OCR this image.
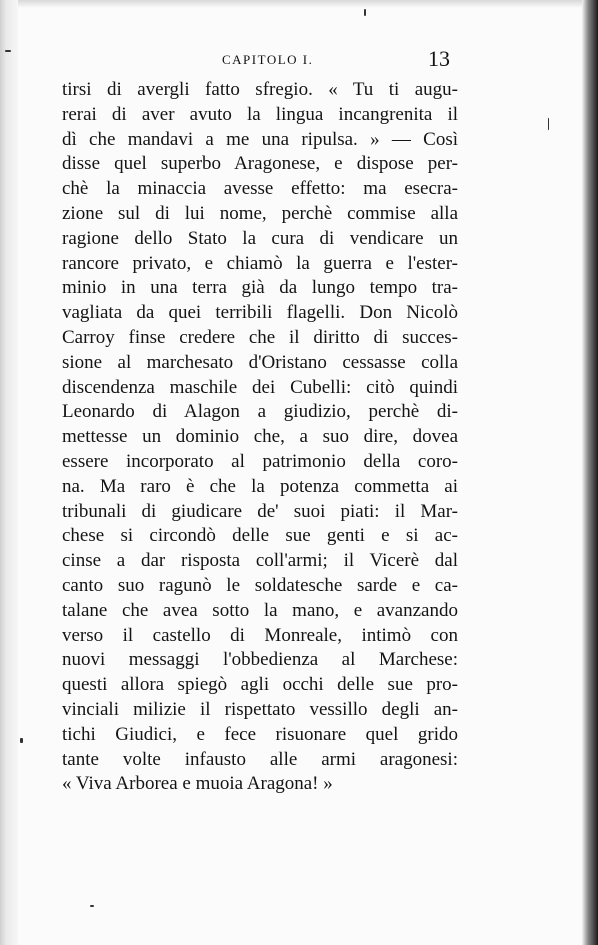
CAPITOLO I.	13
tirsi di avergli fatto sfregio. « Tu ti augu-
rerai di aver avuto la lingua incangrenita il
dì che mandavi a me una ripulsa. » — Così
disse quel superbo Aragonese, e dispose per-
chè la minaccia avesse effetto: ma esecra-
zione sul di lui nome, perchè commise alla
ragione dello Stato la cura di vendicare un
rancore privato, e chiamò la guerra e l'ester-
minio in una terra già da lungo tempo tra-
vagliata da quei terribili flagelli. Don Nicolò
Carroy finse credere che il diritto di succes-
sione al marchesato d'Oristano cessasse colla
discendenza maschile dei Cubelli: citò quindi
Leonardo di Alagon a giudizio, perchè di-
mettesse un dominio che, a suo dire, dovea
essere incorporato al patrimonio della coro-
na. Ma raro è che la potenza commetta ai
tribunali di giudicare de' suoi piati: il Mar-
chese si circondò delle sue genti e si ac-
cinse a dar risposta coll'armi; il Vicerè dal
canto suo ragunò le soldatesche sarde e ca-
talane che avea sotto la mano, e avanzando
verso il castello di Monreale, intimò con
nuovi messaggi l'obbedienza al Marchese:
questi allora spiegò agli occhi delle sue pro-
vinciali milizie il rispettato vessillo degli an-
tichi Giudici, e fece risuonare quel grido
tante volte infausto alle armi aragonesi:
« Viva Arborea e muoia Aragona! »
